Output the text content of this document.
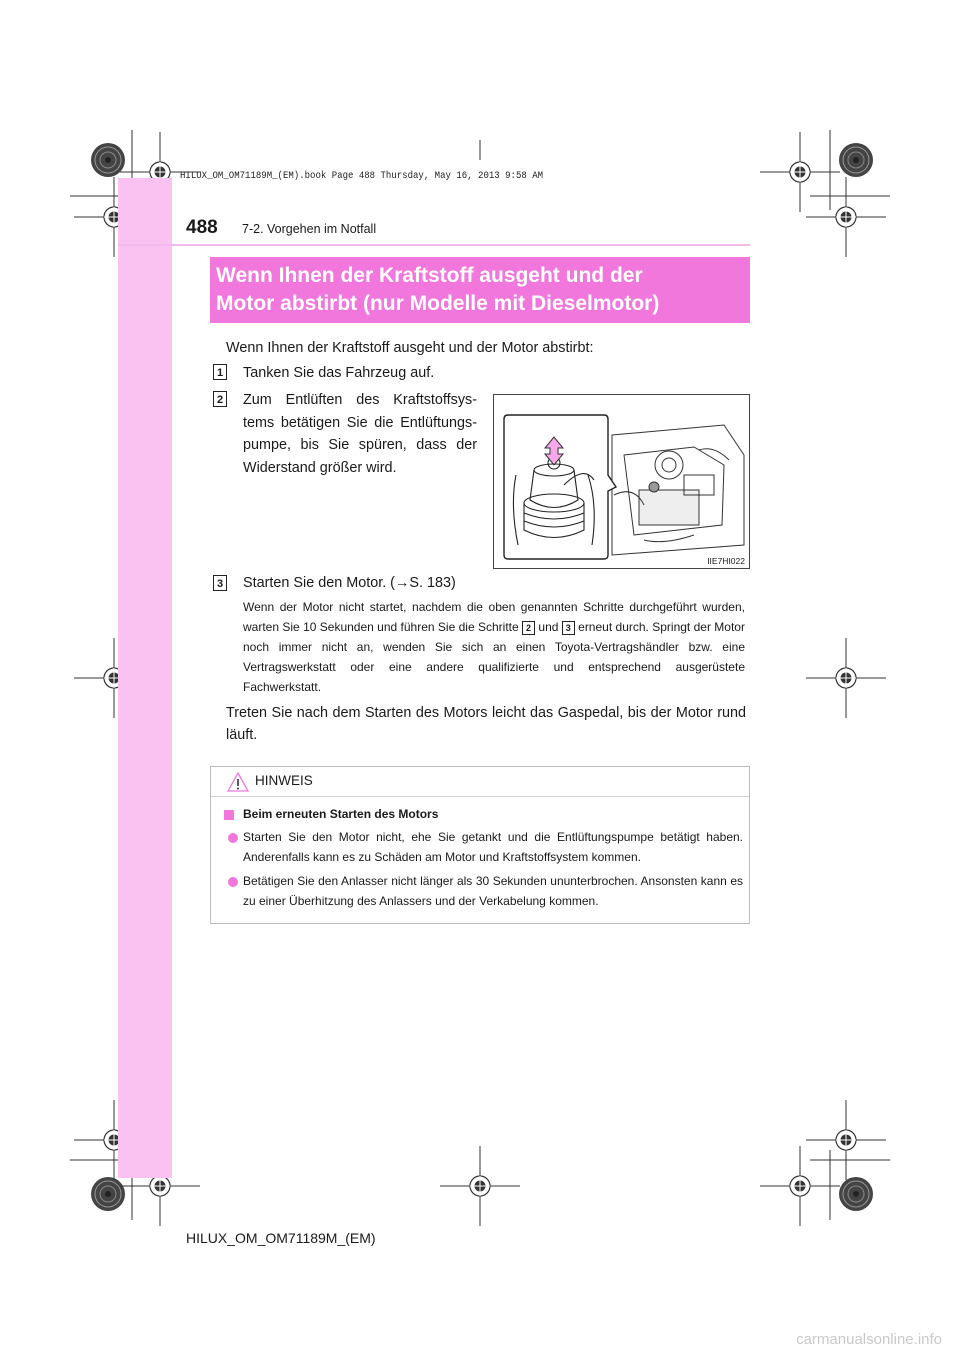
HILUX_OM_OM71189M_(EM).book Page 488 Thursday, May 16, 2013 9:58 AM
488 7-2. Vorgehen im Notfall
Wenn Ihnen der Kraftstoff ausgeht und der
Motor abstirbt (nur Modelle mit Dieselmotor)
Wenn Ihnen der Kraftstoff ausgeht und der Motor abstirbt:
1 Tanken Sie das Fahrzeug auf.
2 Zum Entlüften des Kraftstoffsys-
tems betätigen Sie die Entlüftungs-
pumpe, bis Sie spüren, dass der
Widerstand größer wird.
IIE7HI022
3 Starten Sie den Motor. (→S. 183)
Wenn der Motor nicht startet, nachdem die oben genannten Schritte durchgeführt wurden, warten Sie 10 Sekunden und führen Sie die Schritte 2 und 3 erneut durch. Springt der Motor noch immer nicht an, wenden Sie sich an einen Toyota-Vertragshändler bzw. eine Vertragswerkstatt oder eine andere qualifizierte und entsprechend ausgerüstete Fachwerkstatt.
Treten Sie nach dem Starten des Motors leicht das Gaspedal, bis der Motor rund läuft.
HINWEIS
Beim erneuten Starten des Motors
Starten Sie den Motor nicht, ehe Sie getankt und die Entlüftungspumpe betätigt haben. Anderenfalls kann es zu Schäden am Motor und Kraftstoffsystem kommen.
Betätigen Sie den Anlasser nicht länger als 30 Sekunden ununterbrochen. Ansonsten kann es zu einer Überhitzung des Anlassers und der Verkabelung kommen.
HILUX_OM_OM71189M_(EM)
carmanualsonline.info
